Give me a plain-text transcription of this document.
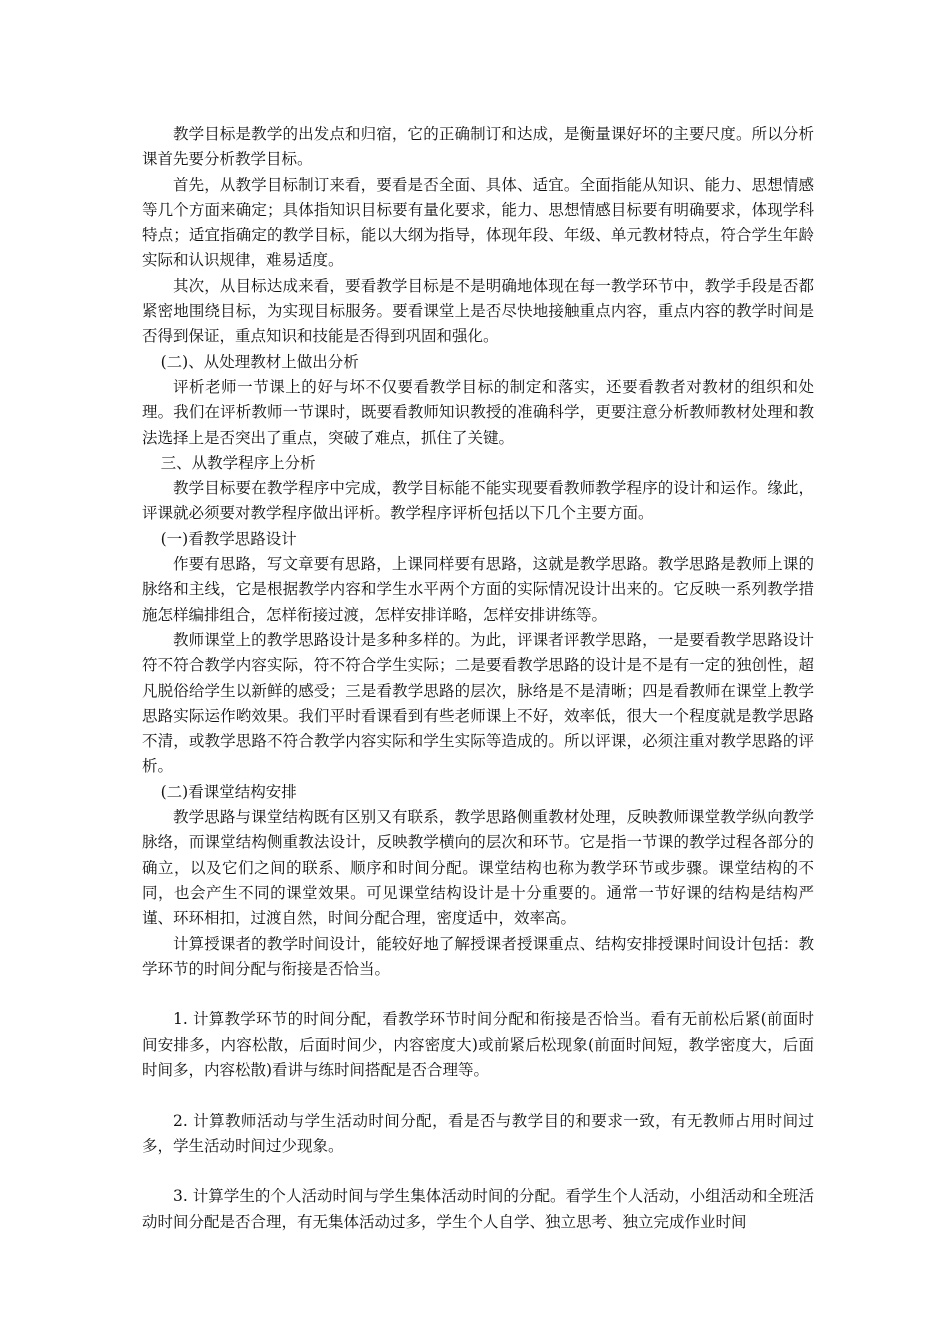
教学目标是教学的出发点和归宿，它的正确制订和达成，是衡量课好坏的主要尺度。所以分析课首先要分析教学目标。

首先，从教学目标制订来看，要看是否全面、具体、适宜。全面指能从知识、能力、思想情感等几个方面来确定；具体指知识目标要有量化要求，能力、思想情感目标要有明确要求，体现学科特点；适宜指确定的教学目标，能以大纲为指导，体现年段、年级、单元教材特点，符合学生年龄实际和认识规律，难易适度。

其次，从目标达成来看，要看教学目标是不是明确地体现在每一教学环节中，教学手段是否都紧密地围绕目标，为实现目标服务。要看课堂上是否尽快地接触重点内容，重点内容的教学时间是否得到保证，重点知识和技能是否得到巩固和强化。

(二)、从处理教材上做出分析

评析老师一节课上的好与坏不仅要看教学目标的制定和落实，还要看教者对教材的组织和处理。我们在评析教师一节课时，既要看教师知识教授的准确科学，更要注意分析教师教材处理和教法选择上是否突出了重点，突破了难点，抓住了关键。

三、从教学程序上分析

教学目标要在教学程序中完成，教学目标能不能实现要看教师教学程序的设计和运作。缘此，评课就必须要对教学程序做出评析。教学程序评析包括以下几个主要方面。

(一)看教学思路设计

作要有思路，写文章要有思路，上课同样要有思路，这就是教学思路。教学思路是教师上课的脉络和主线，它是根据教学内容和学生水平两个方面的实际情况设计出来的。它反映一系列教学措施怎样编排组合，怎样衔接过渡，怎样安排详略，怎样安排讲练等。

教师课堂上的教学思路设计是多种多样的。为此，评课者评教学思路，一是要看教学思路设计符不符合教学内容实际，符不符合学生实际；二是要看教学思路的设计是不是有一定的独创性，超凡脱俗给学生以新鲜的感受；三是看教学思路的层次，脉络是不是清晰；四是看教师在课堂上教学思路实际运作哟效果。我们平时看课看到有些老师课上不好，效率低，很大一个程度就是教学思路不清，或教学思路不符合教学内容实际和学生实际等造成的。所以评课，必须注重对教学思路的评析。

(二)看课堂结构安排

教学思路与课堂结构既有区别又有联系，教学思路侧重教材处理，反映教师课堂教学纵向教学脉络，而课堂结构侧重教法设计，反映教学横向的层次和环节。它是指一节课的教学过程各部分的确立，以及它们之间的联系、顺序和时间分配。课堂结构也称为教学环节或步骤。课堂结构的不同，也会产生不同的课堂效果。可见课堂结构设计是十分重要的。通常一节好课的结构是结构严谨、环环相扣，过渡自然，时间分配合理，密度适中，效率高。

计算授课者的教学时间设计，能较好地了解授课者授课重点、结构安排授课时间设计包括：教学环节的时间分配与衔接是否恰当。

1. 计算教学环节的时间分配，看教学环节时间分配和衔接是否恰当。看有无前松后紧(前面时间安排多，内容松散，后面时间少，内容密度大)或前紧后松现象(前面时间短，教学密度大，后面时间多，内容松散)看讲与练时间搭配是否合理等。

2. 计算教师活动与学生活动时间分配，看是否与教学目的和要求一致，有无教师占用时间过多，学生活动时间过少现象。

3. 计算学生的个人活动时间与学生集体活动时间的分配。看学生个人活动，小组活动和全班活动时间分配是否合理，有无集体活动过多，学生个人自学、独立思考、独立完成作业时间
